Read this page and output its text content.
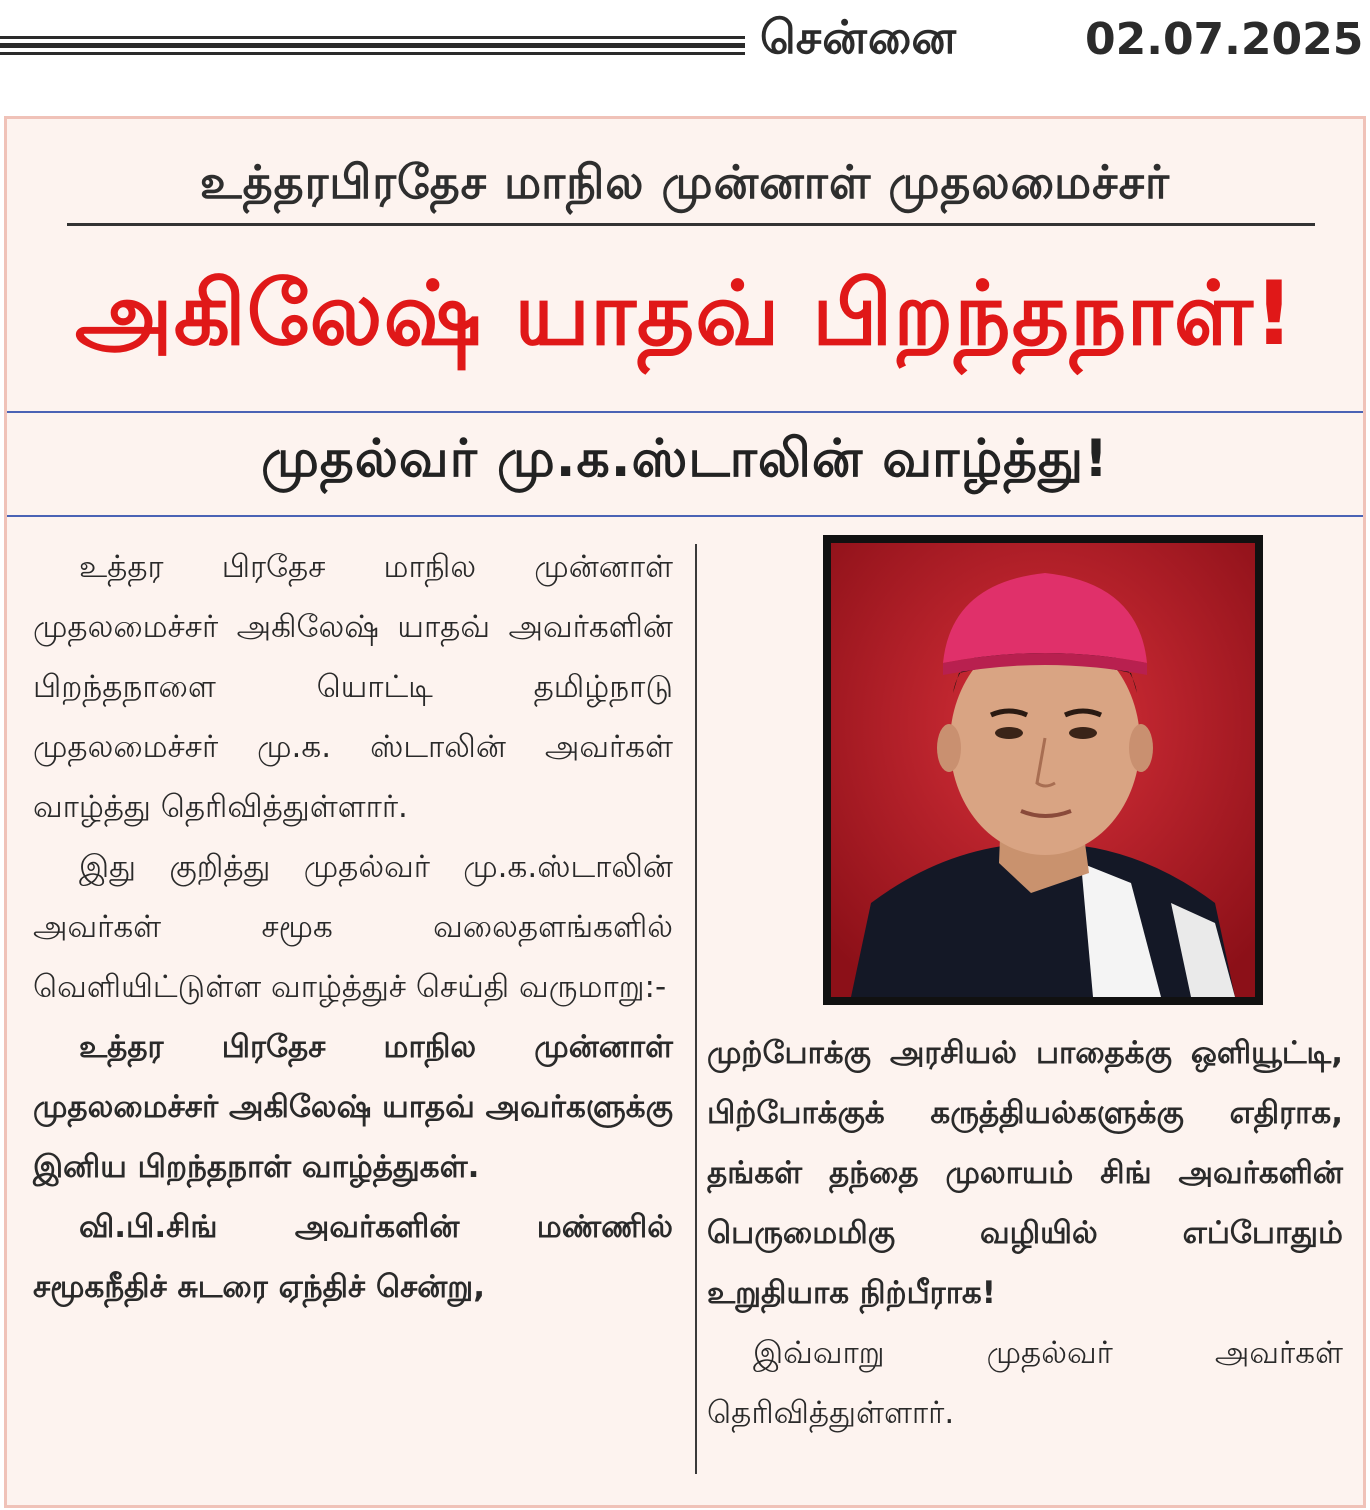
சென்னை	02.07.2025
உத்தரபிரதேச மாநில முன்னாள் முதலமைச்சர்
அகிலேஷ் யாதவ் பிறந்தநாள்!
முதல்வர் மு.க.ஸ்டாலின் வாழ்த்து!

உத்தர பிரதேச மாநில முன்னாள் முதலமைச்சர் அகிலேஷ் யாதவ் அவர்களின் பிறந்தநாளை யொட்டி தமிழ்நாடு முதலமைச்சர் மு.க. ஸ்டாலின் அவர்கள் வாழ்த்து தெரிவித்துள்ளார்.

இது குறித்து முதல்வர் மு.க.ஸ்டாலின் அவர்கள் சமூக வலைதளங்களில் வெளியிட்டுள்ள வாழ்த்துச் செய்தி வருமாறு:-

உத்தர பிரதேச மாநில முன்னாள் முதலமைச்சர் அகிலேஷ் யாதவ் அவர்களுக்கு இனிய பிறந்தநாள் வாழ்த்துகள்.

வி.பி.சிங் அவர்களின் மண்ணில் சமூகநீதிச் சுடரை ஏந்திச் சென்று,

முற்போக்கு அரசியல் பாதைக்கு ஒளியூட்டி, பிற்போக்குக் கருத்தியல்களுக்கு எதிராக, தங்கள் தந்தை முலாயம் சிங் அவர்களின் பெருமைமிகு வழியில் எப்போதும் உறுதியாக நிற்பீராக!

இவ்வாறு முதல்வர் அவர்கள் தெரிவித்துள்ளார்.
